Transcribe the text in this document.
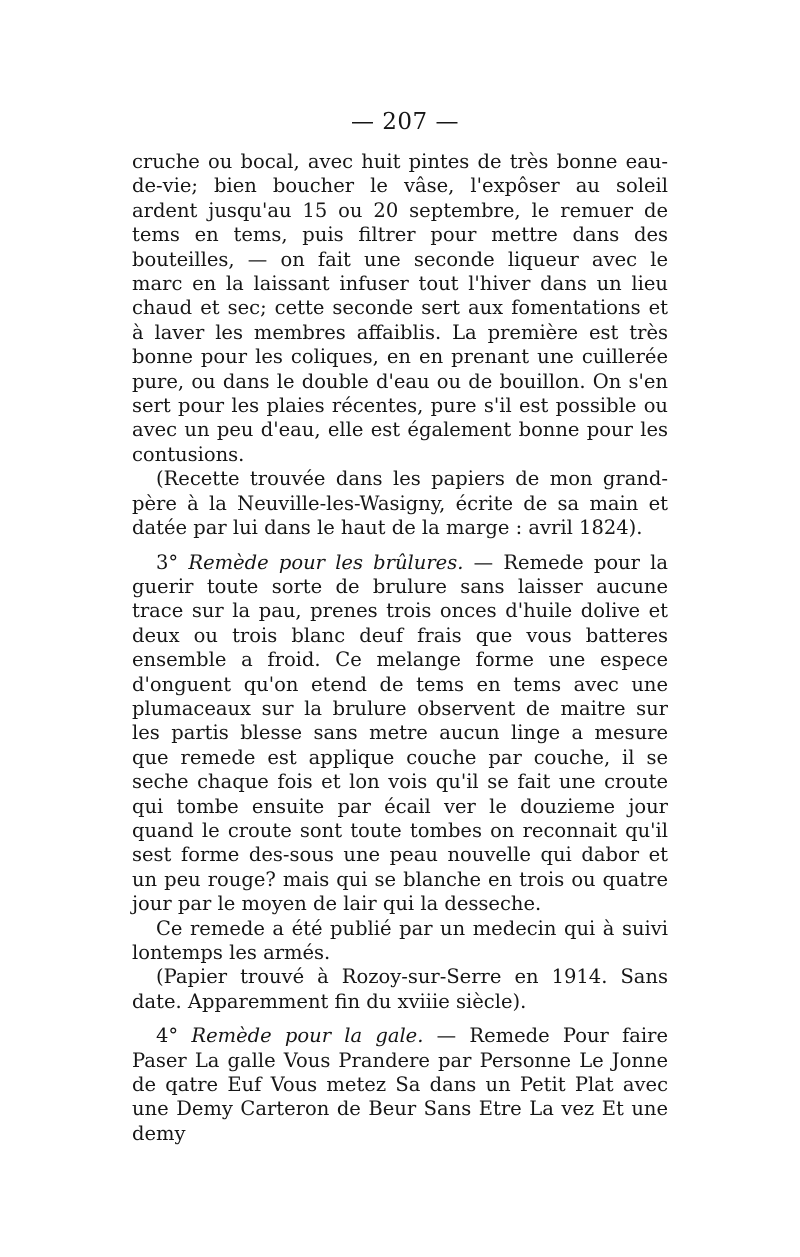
— 207 —

cruche ou bocal, avec huit pintes de très bonne eau-de-vie; bien boucher le vâse, l'expôser au soleil ardent jusqu'au 15 ou 20 septembre, le remuer de tems en tems, puis filtrer pour mettre dans des bouteilles, — on fait une seconde liqueur avec le marc en la laissant infuser tout l'hiver dans un lieu chaud et sec; cette seconde sert aux fomentations et à laver les membres affaiblis. La première est très bonne pour les coliques, en en prenant une cuillerée pure, ou dans le double d'eau ou de bouillon. On s'en sert pour les plaies récentes, pure s'il est possible ou avec un peu d'eau, elle est également bonne pour les contusions.

(Recette trouvée dans les papiers de mon grand-père à la Neuville-les-Wasigny, écrite de sa main et datée par lui dans le haut de la marge : avril 1824).

3° Remède pour les brûlures. — Remede pour la guerir toute sorte de brulure sans laisser aucune trace sur la pau, prenes trois onces d'huile dolive et deux ou trois blanc deuf frais que vous batteres ensemble a froid. Ce melange forme une espece d'onguent qu'on etend de tems en tems avec une plumaceaux sur la brulure observent de maitre sur les partis blesse sans metre aucun linge a mesure que remede est applique couche par couche, il se seche chaque fois et lon vois qu'il se fait une croute qui tombe ensuite par écail ver le douzieme jour quand le croute sont toute tombes on reconnait qu'il sest forme des-sous une peau nouvelle qui dabor et un peu rouge? mais qui se blanche en trois ou quatre jour par le moyen de lair qui la desseche.

Ce remede a été publié par un medecin qui à suivi lontemps les armés.

(Papier trouvé à Rozoy-sur-Serre en 1914. Sans date. Apparemment fin du xviiie siècle).

4° Remède pour la gale. — Remede Pour faire Paser La galle Vous Prandere par Personne Le Jonne de qatre Euf Vous metez Sa dans un Petit Plat avec une Demy Carteron de Beur Sans Etre La vez Et une demy
